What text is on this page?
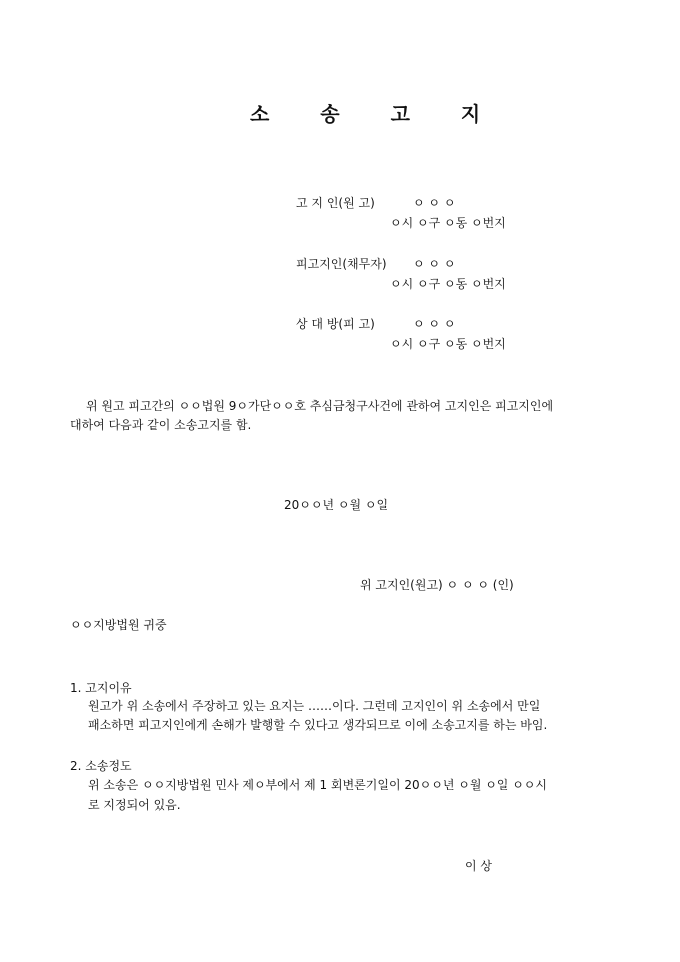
소 송 고 지
고 지 인(원 고)	ㅇ ㅇ ㅇ
ㅇ시 ㅇ구 ㅇ동 ㅇ번지
피고지인(채무자) ㅇ ㅇ ㅇ
ㅇ시 ㅇ구 ㅇ동 ㅇ번지
상 대 방(피 고)	ㅇ ㅇ ㅇ
ㅇ시 ㅇ구 ㅇ동 ㅇ번지
위 원고 피고간의 ㅇㅇ법원 9ㅇ가단ㅇㅇ호 추심금청구사건에 관하여 고지인은 피고지인에
대하여 다음과 같이 소송고지를 함.
20ㅇㅇ년 ㅇ월 ㅇ일
위 고지인(원고) ㅇ ㅇ ㅇ (인)
ㅇㅇ지방법원 귀중
1. 고지이유
원고가 위 소송에서 주장하고 있는 요지는 ……이다. 그런데 고지인이 위 소송에서 만일
패소하면 피고지인에게 손해가 발행할 수 있다고 생각되므로 이에 소송고지를 하는 바임.
2. 소송정도
위 소송은 ㅇㅇ지방법원 민사 제ㅇ부에서 제 1 회변론기일이 20ㅇㅇ년 ㅇ월 ㅇ일 ㅇㅇ시
로 지정되어 있음.
이 상
